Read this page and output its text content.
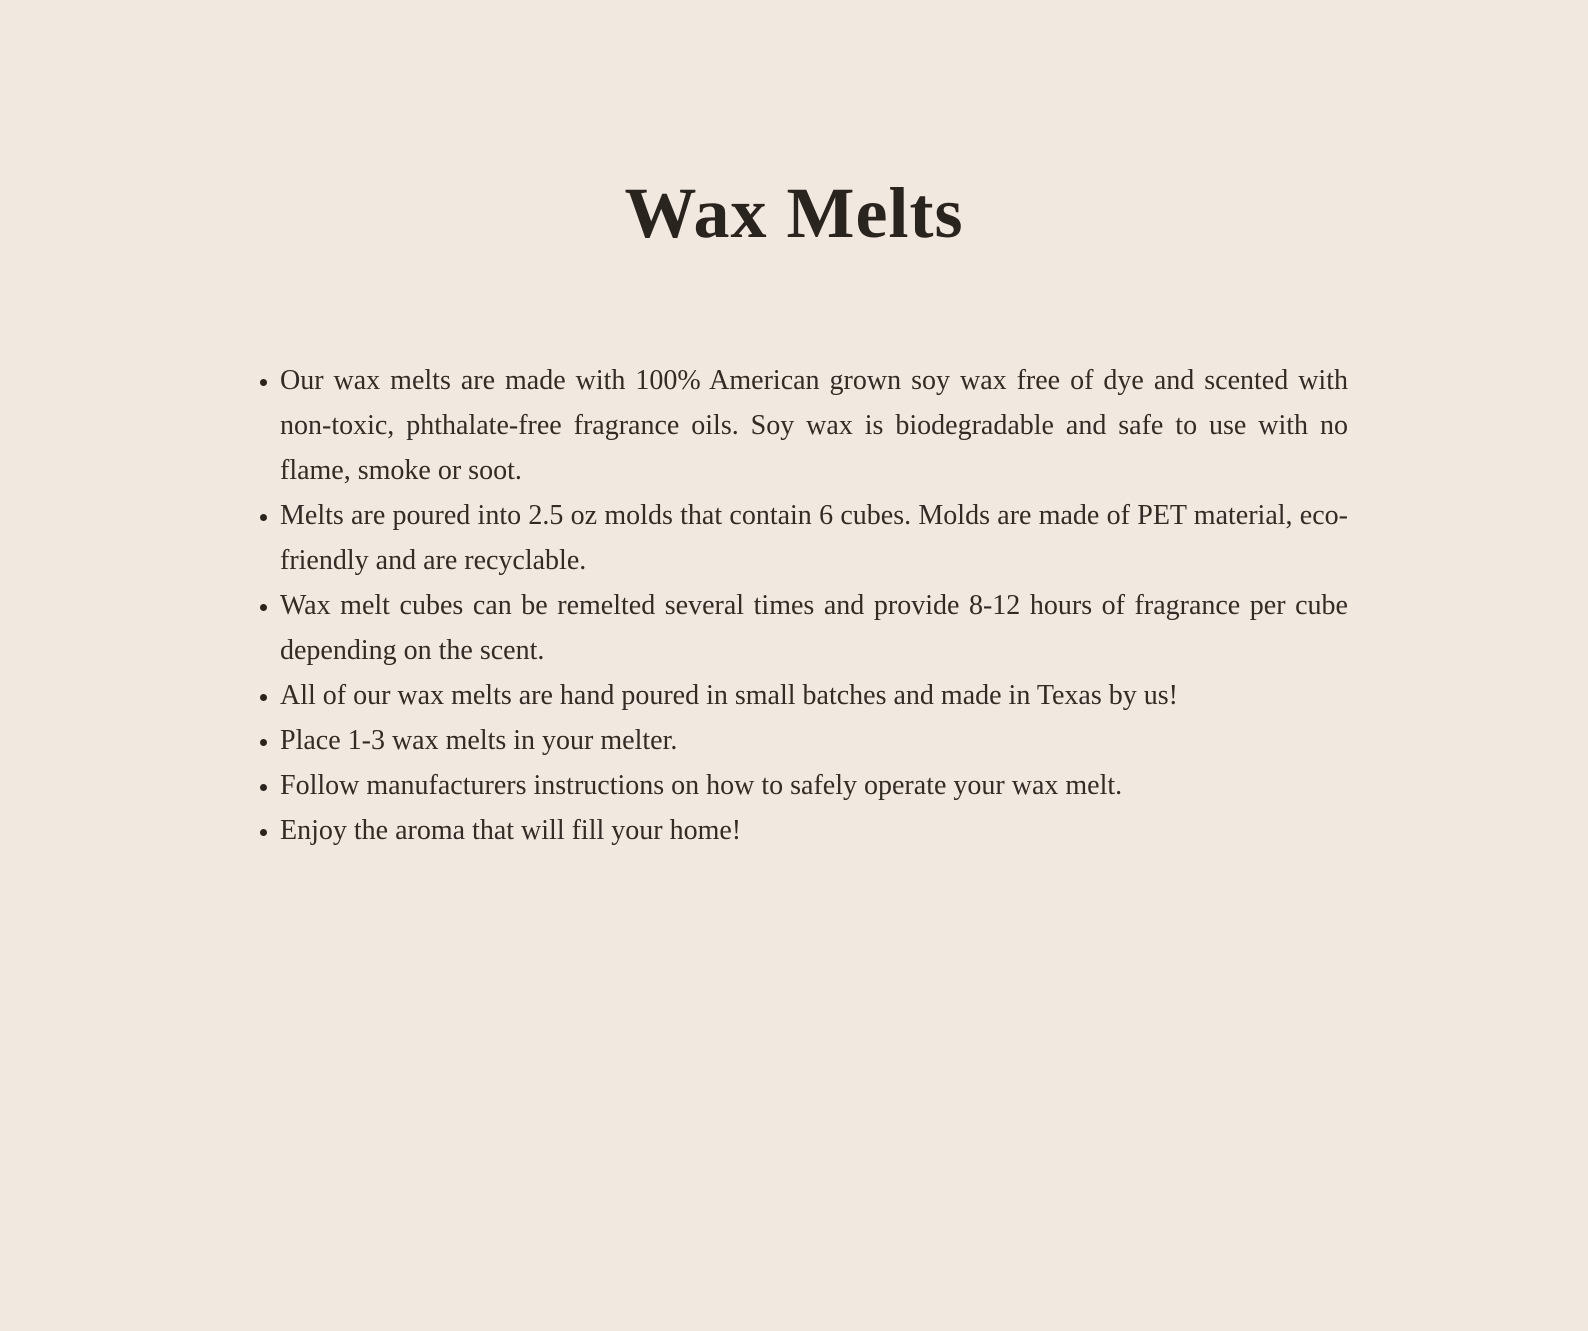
Wax Melts
• Our wax melts are made with 100% American grown soy wax free of dye and scented with non-toxic, phthalate-free fragrance oils. Soy wax is biodegradable and safe to use with no flame, smoke or soot.
• Melts are poured into 2.5 oz molds that contain 6 cubes. Molds are made of PET material, eco-friendly and are recyclable.
• Wax melt cubes can be remelted several times and provide 8-12 hours of fragrance per cube depending on the scent.
• All of our wax melts are hand poured in small batches and made in Texas by us!
• Place 1-3 wax melts in your melter.
• Follow manufacturers instructions on how to safely operate your wax melt.
• Enjoy the aroma that will fill your home!
